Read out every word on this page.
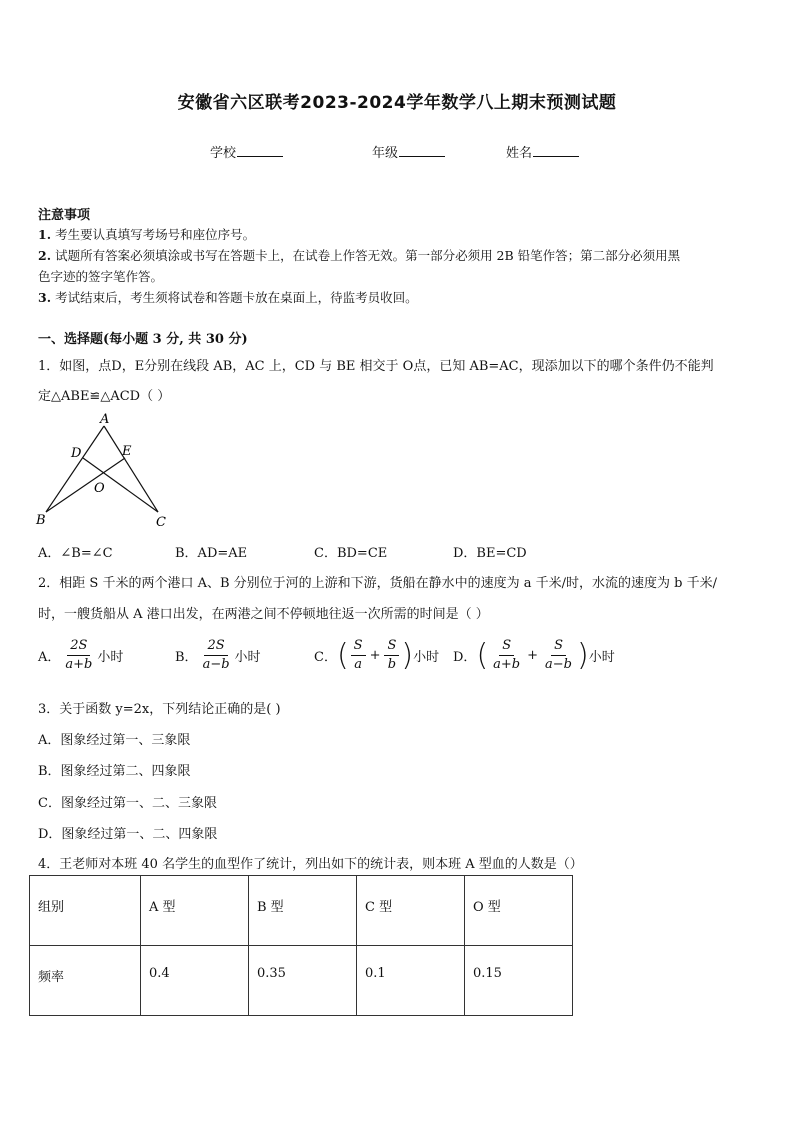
安徽省六区联考2023-2024学年数学八上期末预测试题
学校	年级	姓名
注意事项
1. 考生要认真填写考场号和座位序号。
2. 试题所有答案必须填涂或书写在答题卡上，在试卷上作答无效。第一部分必须用 2B 铅笔作答；第二部分必须用黑
色字迹的签字笔作答。
3. 考试结束后，考生须将试卷和答题卡放在桌面上，待监考员收回。
一、选择题(每小题 3 分, 共 30 分)
1．如图，点D，E分别在线段 AB，AC 上，CD 与 BE 相交于 O点，已知 AB=AC，现添加以下的哪个条件仍不能判
定△ABE≌△ACD（ ）
A
B	C
D	E
O
A．∠B=∠C	B．AD=AE	C．BD=CE	D．BE=CD
2．相距 S 千米的两个港口 A、B 分别位于河的上游和下游，货船在静水中的速度为 a 千米/时，水流的速度为 b 千米/
时，一艘货船从 A 港口出发，在两港之间不停顿地往返一次所需的时间是（ ）
A． $\frac{2S}{a+b}$ 小时	B． $\frac{2S}{a-b}$ 小时	C． ( $\frac{S}{a} + \frac{S}{b}$ ) 小时 D． ( $\frac{S}{a+b} + \frac{S}{a-b}$ ) 小时
3．关于函数 y=2x，下列结论正确的是( )
A．图象经过第一、三象限
B．图象经过第二、四象限
C．图象经过第一、二、三象限
D．图象经过第一、二、四象限
4．王老师对本班 40 名学生的血型作了统计，列出如下的统计表，则本班 A 型血的人数是（）
组别	A 型	B 型	C 型	O 型
频率	0.4	0.35	0.1	0.15
